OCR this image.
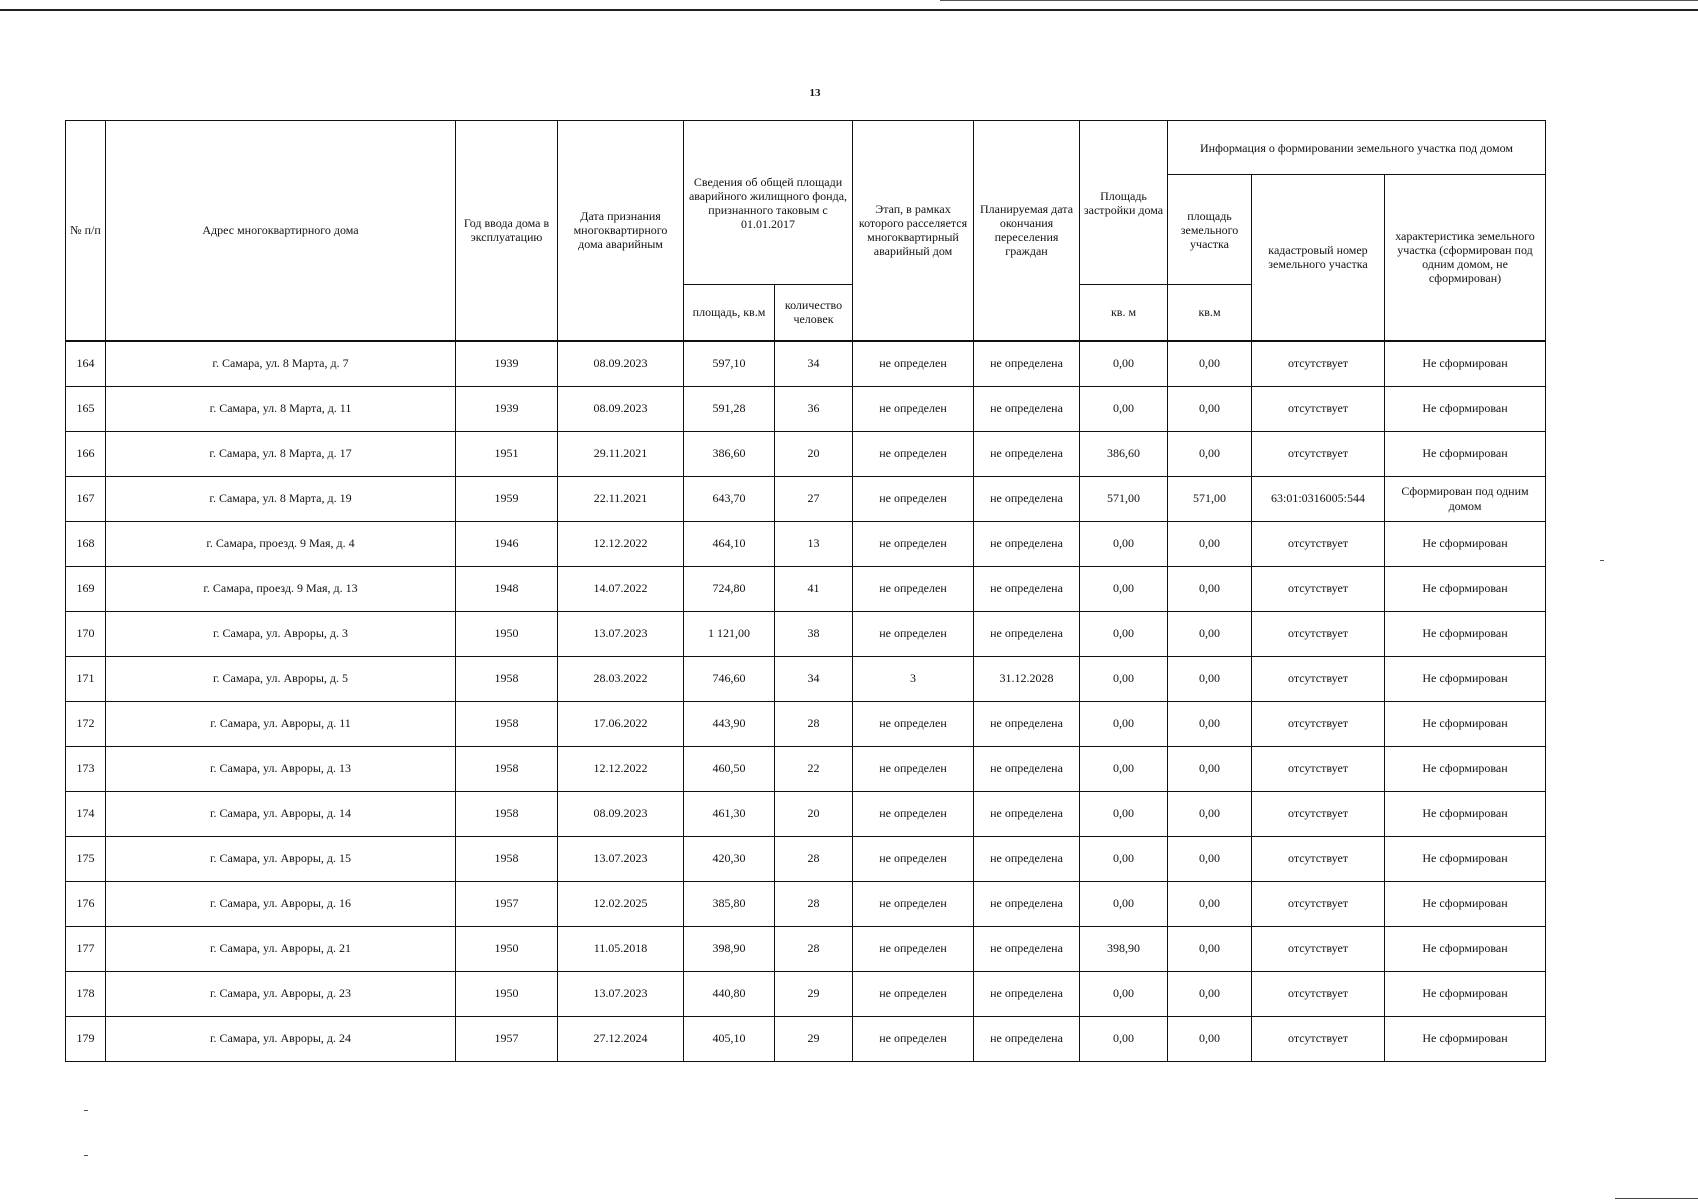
13
№ п/п	Адрес многоквартирного дома	Год ввода дома в эксплуатацию	Дата признания многоквартирного дома аварийным	Сведения об общей площади аварийного жилищного фонда, признанного таковым с 01.01.2017		Этап, в рамках которого расселяется многоквартирный аварийный дом	Планируемая дата окончания переселения граждан	Площадь застройки дома	Информация о формировании земельного участка под домом		
									площадь земельного участка	кадастровый номер земельного участка	характеристика земельного участка (сформирован под одним домом, не сформирован)
				площадь, кв.м	количество человек			кв. м	кв.м		
164	г. Самара, ул. 8 Марта, д. 7	1939	08.09.2023	597,10	34	не определен	не определена	0,00	0,00	отсутствует	Не сформирован
165	г. Самара, ул. 8 Марта, д. 11	1939	08.09.2023	591,28	36	не определен	не определена	0,00	0,00	отсутствует	Не сформирован
166	г. Самара, ул. 8 Марта, д. 17	1951	29.11.2021	386,60	20	не определен	не определена	386,60	0,00	отсутствует	Не сформирован
167	г. Самара, ул. 8 Марта, д. 19	1959	22.11.2021	643,70	27	не определен	не определена	571,00	571,00	63:01:0316005:544	Сформирован под одним домом
168	г. Самара, проезд. 9 Мая, д. 4	1946	12.12.2022	464,10	13	не определен	не определена	0,00	0,00	отсутствует	Не сформирован
169	г. Самара, проезд. 9 Мая, д. 13	1948	14.07.2022	724,80	41	не определен	не определена	0,00	0,00	отсутствует	Не сформирован
170	г. Самара, ул. Авроры, д. 3	1950	13.07.2023	1 121,00	38	не определен	не определена	0,00	0,00	отсутствует	Не сформирован
171	г. Самара, ул. Авроры, д. 5	1958	28.03.2022	746,60	34	3	31.12.2028	0,00	0,00	отсутствует	Не сформирован
172	г. Самара, ул. Авроры, д. 11	1958	17.06.2022	443,90	28	не определен	не определена	0,00	0,00	отсутствует	Не сформирован
173	г. Самара, ул. Авроры, д. 13	1958	12.12.2022	460,50	22	не определен	не определена	0,00	0,00	отсутствует	Не сформирован
174	г. Самара, ул. Авроры, д. 14	1958	08.09.2023	461,30	20	не определен	не определена	0,00	0,00	отсутствует	Не сформирован
175	г. Самара, ул. Авроры, д. 15	1958	13.07.2023	420,30	28	не определен	не определена	0,00	0,00	отсутствует	Не сформирован
176	г. Самара, ул. Авроры, д. 16	1957	12.02.2025	385,80	28	не определен	не определена	0,00	0,00	отсутствует	Не сформирован
177	г. Самара, ул. Авроры, д. 21	1950	11.05.2018	398,90	28	не определен	не определена	398,90	0,00	отсутствует	Не сформирован
178	г. Самара, ул. Авроры, д. 23	1950	13.07.2023	440,80	29	не определен	не определена	0,00	0,00	отсутствует	Не сформирован
179	г. Самара, ул. Авроры, д. 24	1957	27.12.2024	405,10	29	не определен	не определена	0,00	0,00	отсутствует	Не сформирован
